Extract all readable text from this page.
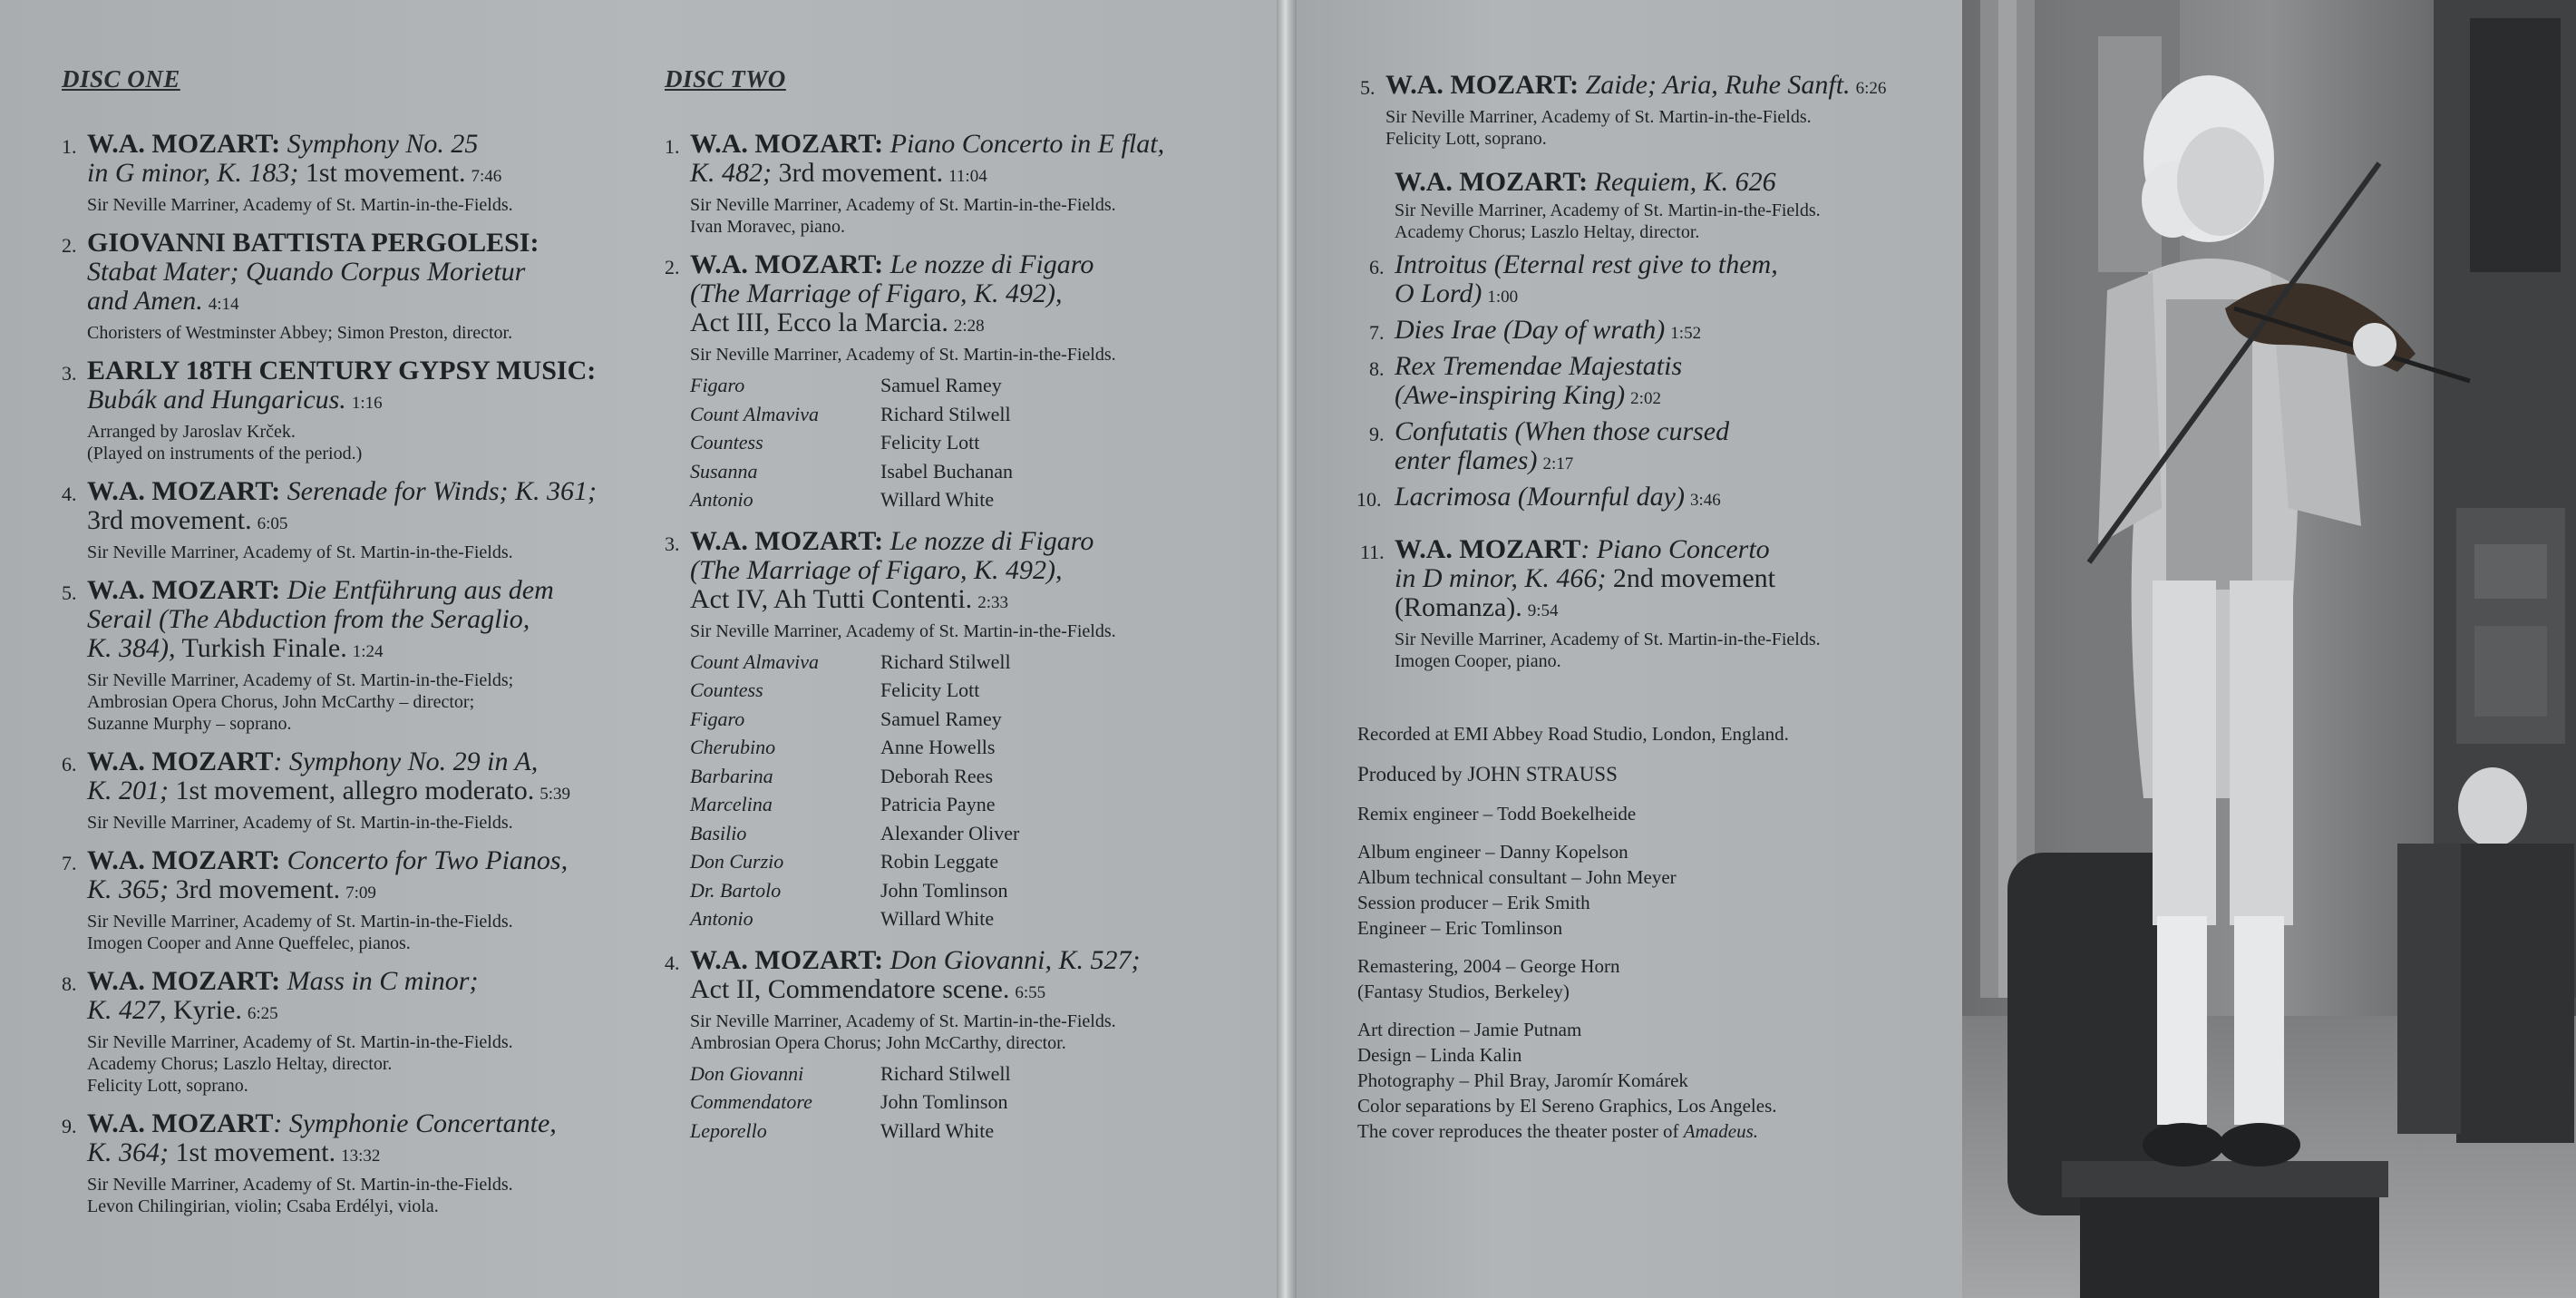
DISC ONE
1. W.A. MOZART: Symphony No. 25
in G minor, K. 183; 1st movement. 7:46
Sir Neville Marriner, Academy of St. Martin-in-the-Fields.
2. GIOVANNI BATTISTA PERGOLESI:
Stabat Mater; Quando Corpus Morietur
and Amen. 4:14
Choristers of Westminster Abbey; Simon Preston, director.
3. EARLY 18TH CENTURY GYPSY MUSIC:
Bubák and Hungaricus. 1:16
Arranged by Jaroslav Krček.
(Played on instruments of the period.)
4. W.A. MOZART: Serenade for Winds; K. 361;
3rd movement. 6:05
Sir Neville Marriner, Academy of St. Martin-in-the-Fields.
5. W.A. MOZART: Die Entführung aus dem
Serail (The Abduction from the Seraglio,
K. 384), Turkish Finale. 1:24
Sir Neville Marriner, Academy of St. Martin-in-the-Fields;
Ambrosian Opera Chorus, John McCarthy – director;
Suzanne Murphy – soprano.
6. W.A. MOZART: Symphony No. 29 in A,
K. 201; 1st movement, allegro moderato. 5:39
Sir Neville Marriner, Academy of St. Martin-in-the-Fields.
7. W.A. MOZART: Concerto for Two Pianos,
K. 365; 3rd movement. 7:09
Sir Neville Marriner, Academy of St. Martin-in-the-Fields.
Imogen Cooper and Anne Queffelec, pianos.
8. W.A. MOZART: Mass in C minor;
K. 427, Kyrie. 6:25
Sir Neville Marriner, Academy of St. Martin-in-the-Fields.
Academy Chorus; Laszlo Heltay, director.
Felicity Lott, soprano.
9. W.A. MOZART: Symphonie Concertante,
K. 364; 1st movement. 13:32
Sir Neville Marriner, Academy of St. Martin-in-the-Fields.
Levon Chilingirian, violin; Csaba Erdélyi, viola.
DISC TWO
1. W.A. MOZART: Piano Concerto in E flat,
K. 482; 3rd movement. 11:04
Sir Neville Marriner, Academy of St. Martin-in-the-Fields.
Ivan Moravec, piano.
2. W.A. MOZART: Le nozze di Figaro
(The Marriage of Figaro, K. 492),
Act III, Ecco la Marcia. 2:28
Sir Neville Marriner, Academy of St. Martin-in-the-Fields.
Figaro	Samuel Ramey
Count Almaviva	Richard Stilwell
Countess	Felicity Lott
Susanna	Isabel Buchanan
Antonio	Willard White
3. W.A. MOZART: Le nozze di Figaro
(The Marriage of Figaro, K. 492),
Act IV, Ah Tutti Contenti. 2:33
Sir Neville Marriner, Academy of St. Martin-in-the-Fields.
Count Almaviva	Richard Stilwell
Countess	Felicity Lott
Figaro	Samuel Ramey
Cherubino	Anne Howells
Barbarina	Deborah Rees
Marcelina	Patricia Payne
Basilio	Alexander Oliver
Don Curzio	Robin Leggate
Dr. Bartolo	John Tomlinson
Antonio	Willard White
4. W.A. MOZART: Don Giovanni, K. 527;
Act II, Commendatore scene. 6:55
Sir Neville Marriner, Academy of St. Martin-in-the-Fields.
Ambrosian Opera Chorus; John McCarthy, director.
Don Giovanni	Richard Stilwell
Commendatore	John Tomlinson
Leporello	Willard White
5. W.A. MOZART: Zaide; Aria, Ruhe Sanft. 6:26
Sir Neville Marriner, Academy of St. Martin-in-the-Fields.
Felicity Lott, soprano.
W.A. MOZART: Requiem, K. 626
Sir Neville Marriner, Academy of St. Martin-in-the-Fields.
Academy Chorus; Laszlo Heltay, director.
6. Introitus (Eternal rest give to them,
O Lord) 1:00
7. Dies Irae (Day of wrath) 1:52
8. Rex Tremendae Majestatis
(Awe-inspiring King) 2:02
9. Confutatis (When those cursed
enter flames) 2:17
10. Lacrimosa (Mournful day) 3:46
11. W.A. MOZART: Piano Concerto
in D minor, K. 466; 2nd movement
(Romanza). 9:54
Sir Neville Marriner, Academy of St. Martin-in-the-Fields.
Imogen Cooper, piano.
Recorded at EMI Abbey Road Studio, London, England.
Produced by JOHN STRAUSS
Remix engineer – Todd Boekelheide
Album engineer – Danny Kopelson
Album technical consultant – John Meyer
Session producer – Erik Smith
Engineer – Eric Tomlinson
Remastering, 2004 – George Horn
(Fantasy Studios, Berkeley)
Art direction – Jamie Putnam
Design – Linda Kalin
Photography – Phil Bray, Jaromír Komárek
Color separations by El Sereno Graphics, Los Angeles.
The cover reproduces the theater poster of Amadeus.
